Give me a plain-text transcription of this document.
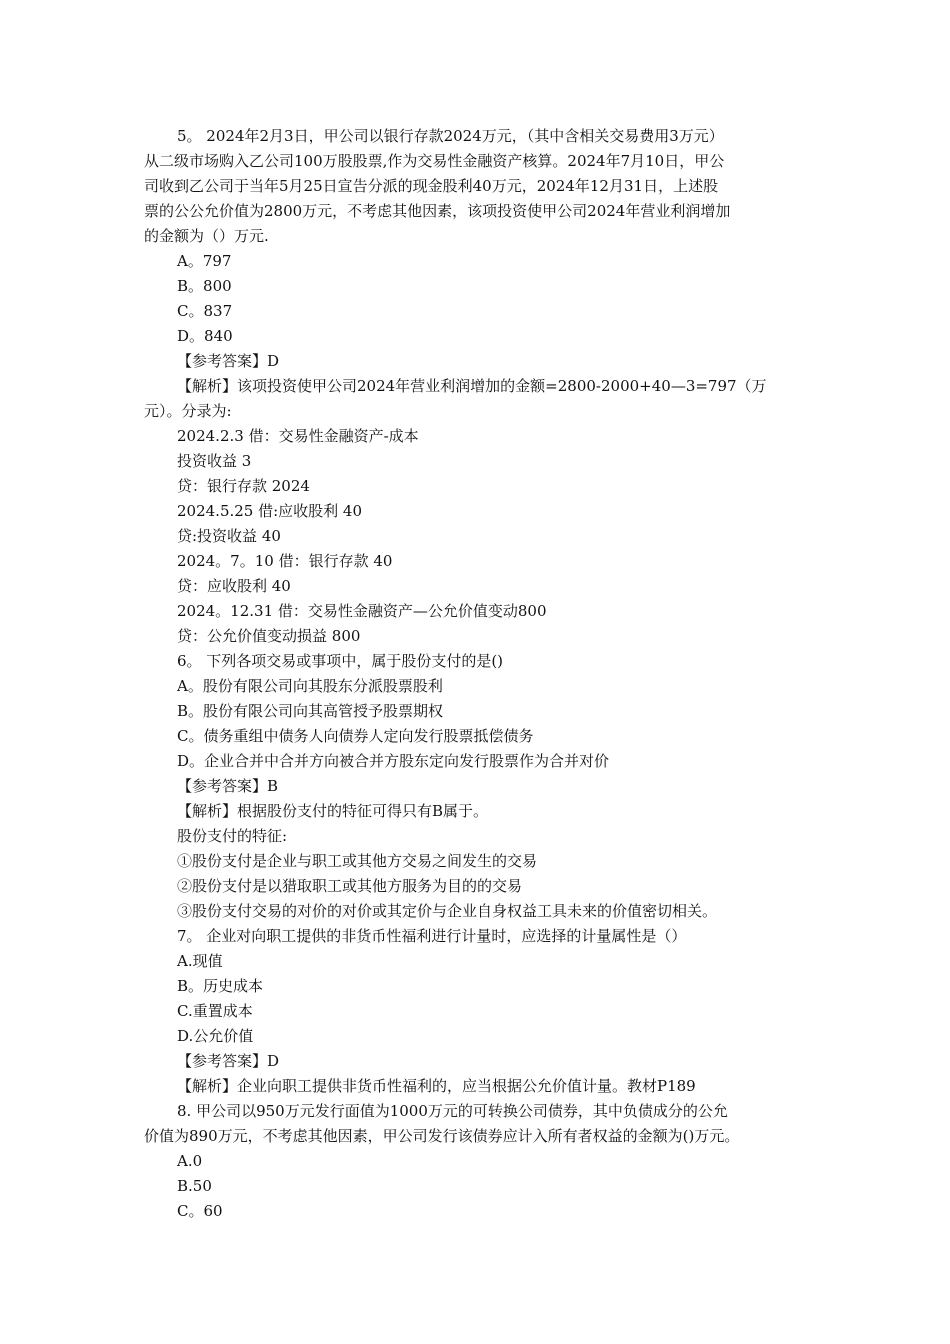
5。 2024年2月3日，甲公司以银行存款2024万元，（其中含相关交易费用3万元）

从二级市场购入乙公司100万股股票,作为交易性金融资产核算。2024年7月10日，甲公

司收到乙公司于当年5月25日宣告分派的现金股利40万元，2024年12月31日，上述股

票的公公允价值为2800万元，不考虑其他因素，该项投资使甲公司2024年营业利润增加

的金额为（）万元.

A。797

B。800

C。837

D。840

【参考答案】D

【解析】该项投资使甲公司2024年营业利润增加的金额=2800-2000+40—3=797（万

元）。分录为:

2024.2.3 借：交易性金融资产-成本

投资收益 3

贷：银行存款 2024

2024.5.25 借:应收股利 40

贷:投资收益 40

2024。7。10 借：银行存款 40

贷：应收股利 40

2024。12.31 借：交易性金融资产—公允价值变动800

贷：公允价值变动损益 800

6。 下列各项交易或事项中，属于股份支付的是()

A。股份有限公司向其股东分派股票股利

B。股份有限公司向其高管授予股票期权

C。债务重组中债务人向债券人定向发行股票抵偿债务

D。企业合并中合并方向被合并方股东定向发行股票作为合并对价

【参考答案】B

【解析】根据股份支付的特征可得只有B属于。

股份支付的特征:

①股份支付是企业与职工或其他方交易之间发生的交易

②股份支付是以猎取职工或其他方服务为目的的交易

③股份支付交易的对价的对价或其定价与企业自身权益工具未来的价值密切相关。

7。 企业对向职工提供的非货币性福利进行计量时，应选择的计量属性是（）

A.现值

B。历史成本

C.重置成本

D.公允价值

【参考答案】D

【解析】企业向职工提供非货币性福利的，应当根据公允价值计量。教材P189

8. 甲公司以950万元发行面值为1000万元的可转换公司债券，其中负债成分的公允

价值为890万元，不考虑其他因素，甲公司发行该债券应计入所有者权益的金额为()万元。

A.0

B.50

C。60
